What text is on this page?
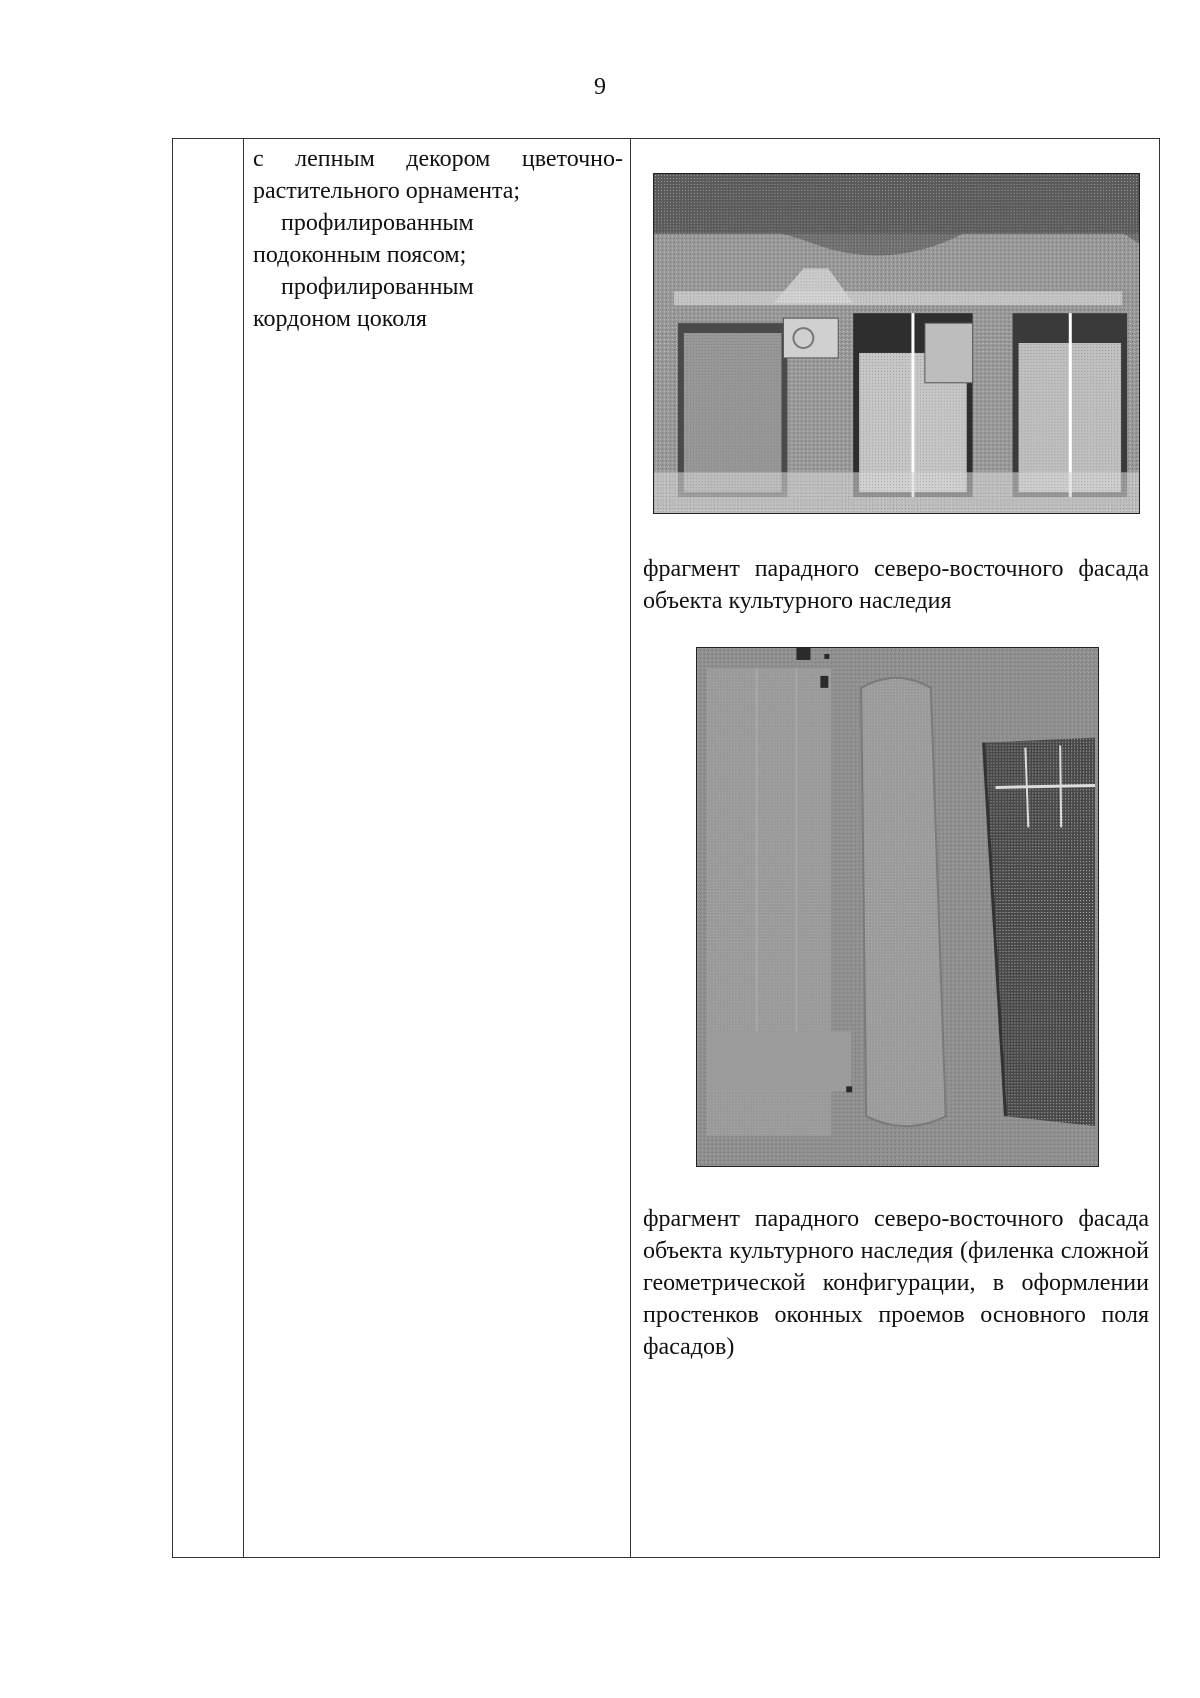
9
с лепным декором цветочно-
растительного орнамента;
профилированным
подоконным поясом;
профилированным
кордоном цоколя
фрагмент парадного северо-восточного фасада объекта культурного наследия
фрагмент парадного северо-восточного фасада объекта культурного наследия (филенка сложной геометрической конфигурации, в оформлении простенков оконных проемов основного поля фасадов)
